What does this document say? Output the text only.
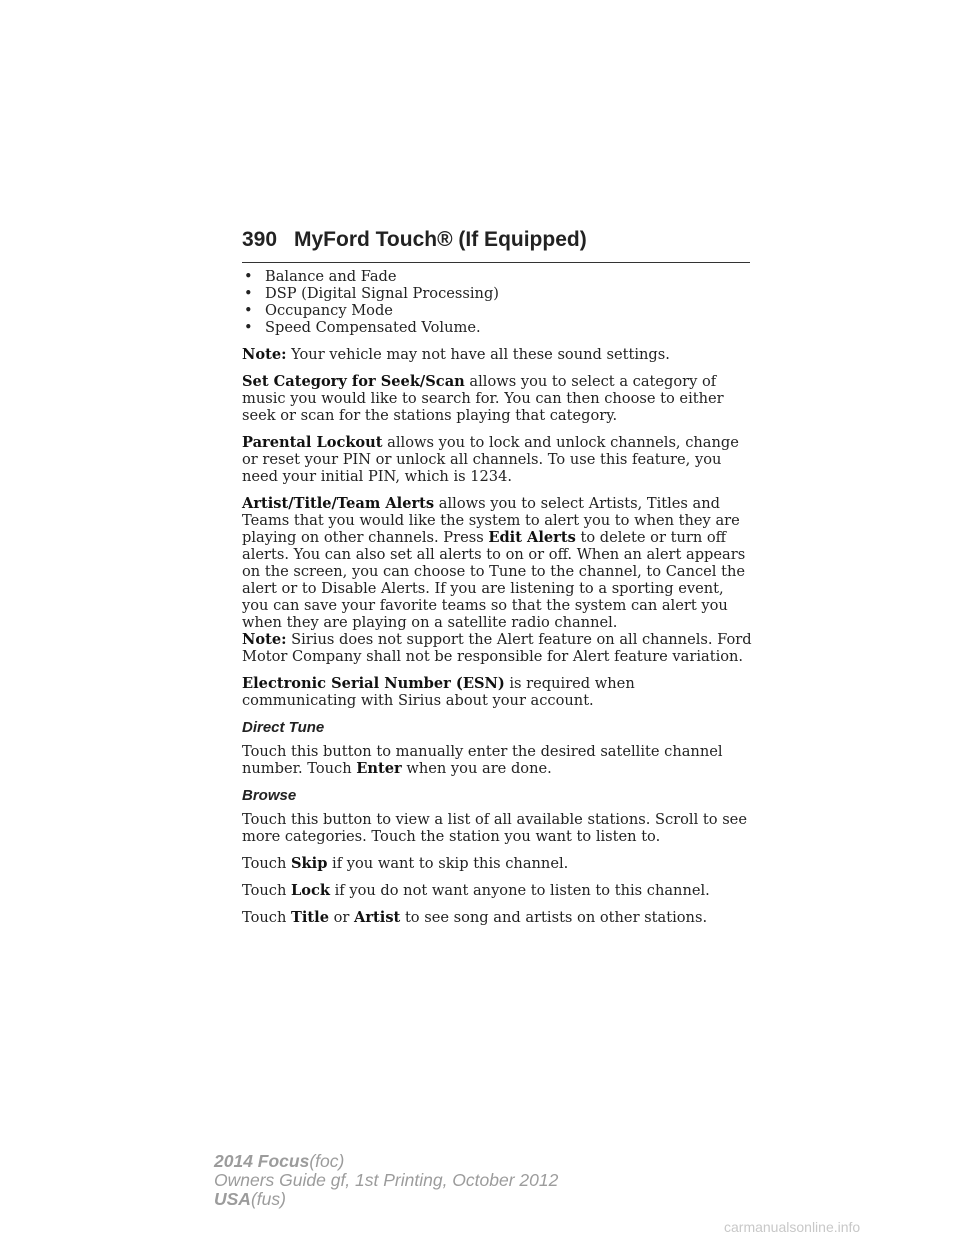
390 MyFord Touch® (If Equipped)
• Balance and Fade
• DSP (Digital Signal Processing)
• Occupancy Mode
• Speed Compensated Volume.

Note: Your vehicle may not have all these sound settings.

Set Category for Seek/Scan allows you to select a category of music you would like to search for. You can then choose to either seek or scan for the stations playing that category.

Parental Lockout allows you to lock and unlock channels, change or reset your PIN or unlock all channels. To use this feature, you need your initial PIN, which is 1234.

Artist/Title/Team Alerts allows you to select Artists, Titles and Teams that you would like the system to alert you to when they are playing on other channels. Press Edit Alerts to delete or turn off alerts. You can also set all alerts to on or off. When an alert appears on the screen, you can choose to Tune to the channel, to Cancel the alert or to Disable Alerts. If you are listening to a sporting event, you can save your favorite teams so that the system can alert you when they are playing on a satellite radio channel.
Note: Sirius does not support the Alert feature on all channels. Ford Motor Company shall not be responsible for Alert feature variation.

Electronic Serial Number (ESN) is required when communicating with Sirius about your account.

Direct Tune

Touch this button to manually enter the desired satellite channel number. Touch Enter when you are done.

Browse

Touch this button to view a list of all available stations. Scroll to see more categories. Touch the station you want to listen to.

Touch Skip if you want to skip this channel.

Touch Lock if you do not want anyone to listen to this channel.

Touch Title or Artist to see song and artists on other stations.

2014 Focus(foc)
Owners Guide gf, 1st Printing, October 2012
USA(fus)
carmanualsonline.info
